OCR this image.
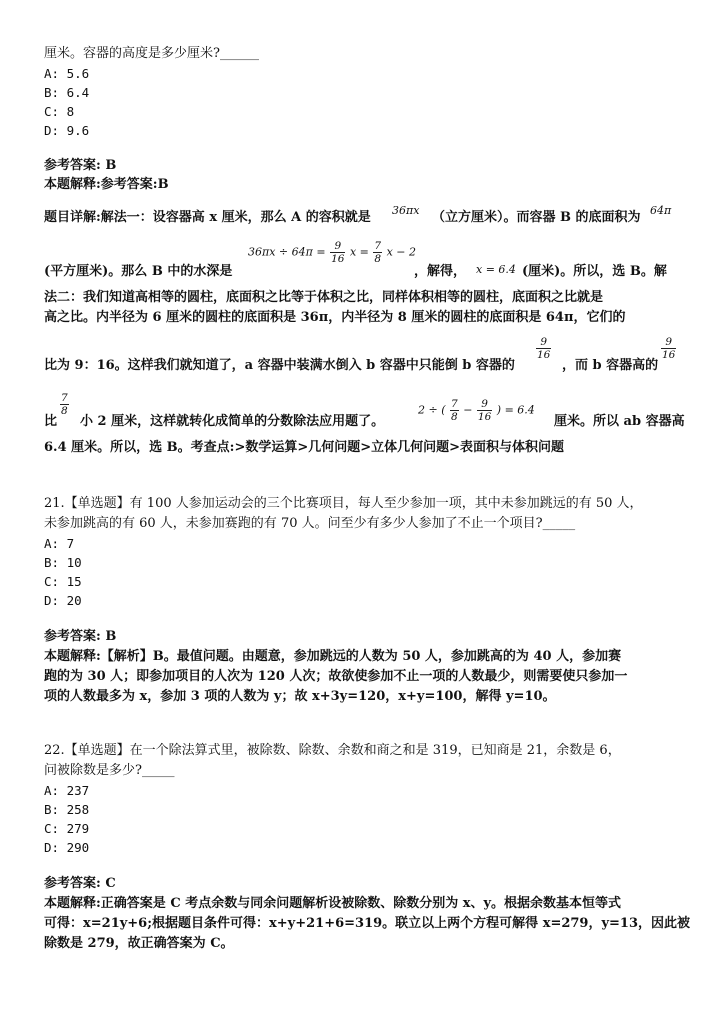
厘米。容器的高度是多少厘米?______
A: 5.6
B: 6.4
C: 8
D: 9.6
参考答案: B
本题解释:参考答案:B
题目详解:解法一：设容器高 x 厘米，那么 A 的容积就是 36πx （立方厘米）。而容器 B 的底面积为 64π
(平方厘米)。那么 B 中的水深是
$36\pi x \div 64\pi = \frac{9}{16}$ $x = \frac{7}{8}$ x − 2
，解得， x = 6.4 (厘米)。所以，选 B。解
法二：我们知道高相等的圆柱，底面积之比等于体积之比，同样体积相等的圆柱，底面积之比就是
高之比。内半径为 6 厘米的圆柱的底面积是 36π，内半径为 8 厘米的圆柱的底面积是 64π，它们的
比为 9：16。这样我们就知道了，a 容器中装满水倒入 b 容器中只能倒 b 容器的
$\frac{9}{16}$
，而 b 容器高的
$\frac{9}{16}$
比
$\frac{7}{8}$
小 2 厘米，这样就转化成简单的分数除法应用题了。
2 ÷ ( $\frac{7}{8} - \frac{9}{16}$ ) = 6.4
厘米。所以 ab 容器高
6.4 厘米。所以，选 B。考查点:>数学运算>几何问题>立体几何问题>表面积与体积问题
21.【单选题】有 100 人参加运动会的三个比赛项目，每人至少参加一项，其中未参加跳远的有 50 人，
未参加跳高的有 60 人，未参加赛跑的有 70 人。问至少有多少人参加了不止一个项目?_____
A: 7
B: 10
C: 15
D: 20
参考答案: B
本题解释:【解析】B。最值问题。由题意，参加跳远的人数为 50 人，参加跳高的为 40 人，参加赛
跑的为 30 人；即参加项目的人次为 120 人次；故欲使参加不止一项的人数最少，则需要使只参加一
项的人数最多为 x，参加 3 项的人数为 y；故 x+3y=120，x+y=100，解得 y=10。
22.【单选题】在一个除法算式里，被除数、除数、余数和商之和是 319，已知商是 21，余数是 6，
问被除数是多少?_____
A: 237
B: 258
C: 279
D: 290
参考答案: C
本题解释:正确答案是 C 考点余数与同余问题解析设被除数、除数分别为 x、y。根据余数基本恒等式
可得：x=21y+6;根据题目条件可得：x+y+21+6=319。联立以上两个方程可解得 x=279，y=13，因此被
除数是 279，故正确答案为 C。
